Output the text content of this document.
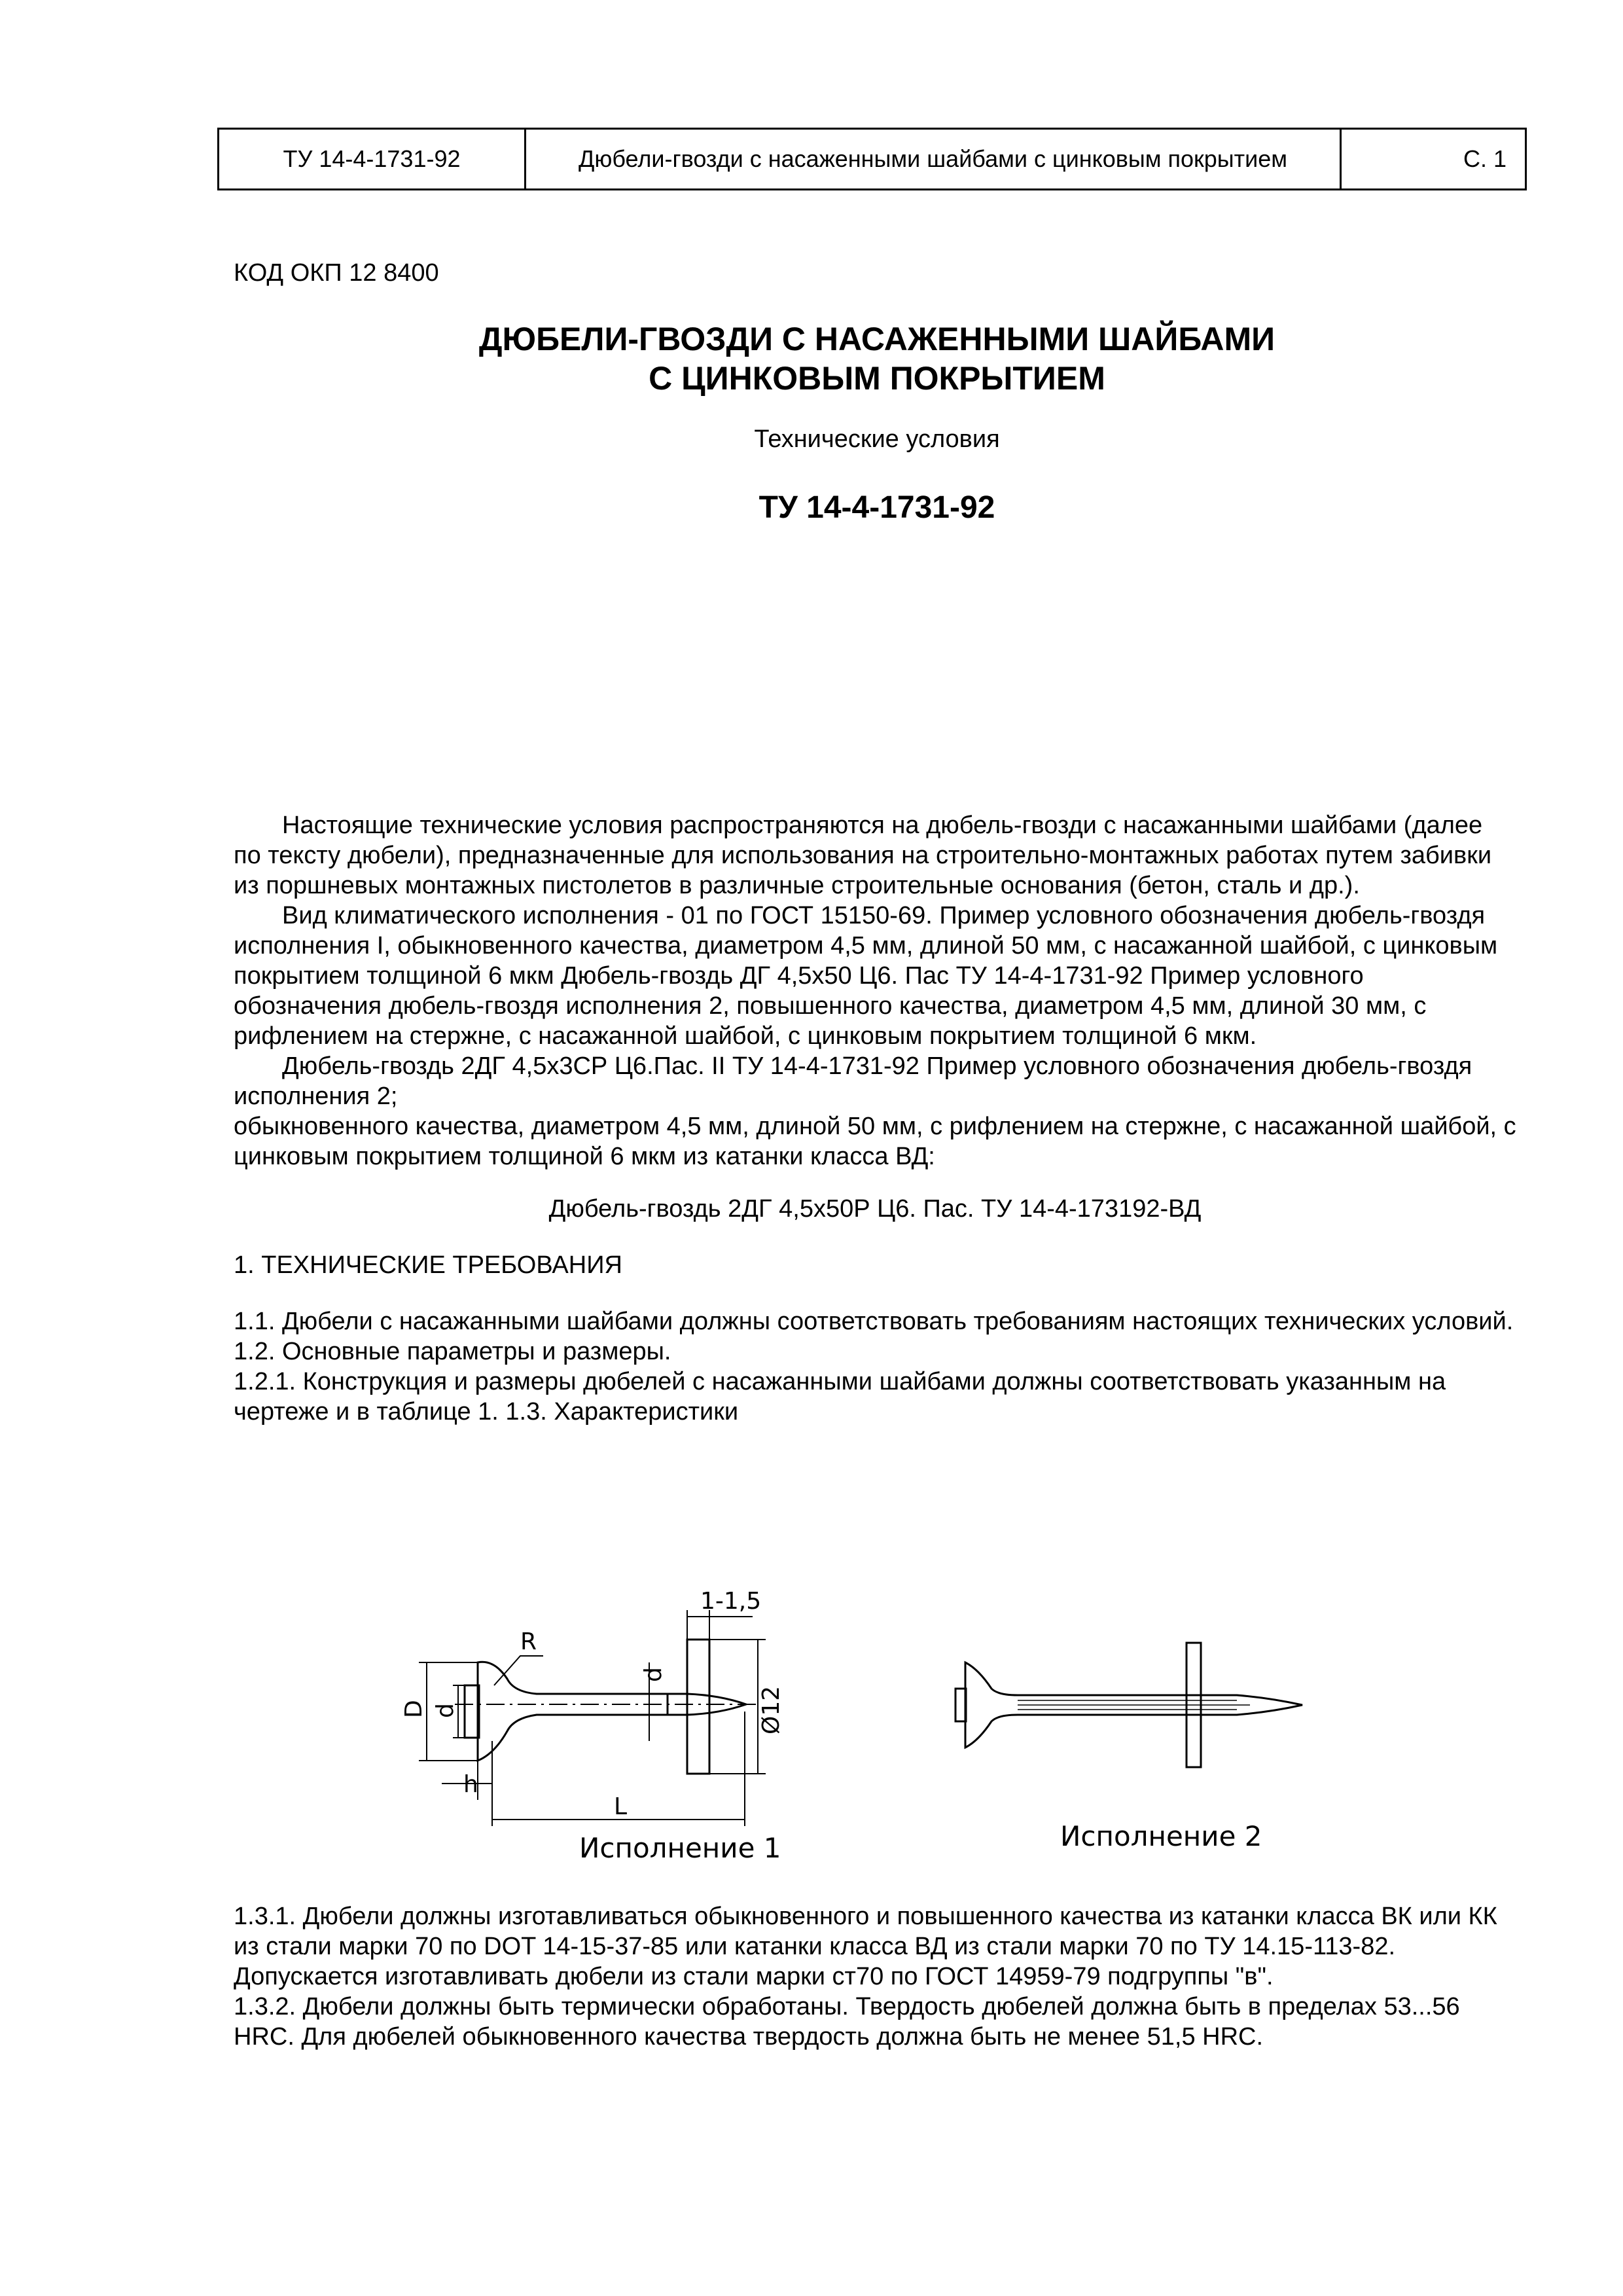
ТУ 14-4-1731-92	Дюбели-гвозди с насаженными шайбами с цинковым покрытием	С. 1
КОД ОКП 12 8400
ДЮБЕЛИ-ГВОЗДИ С НАСАЖЕННЫМИ ШАЙБАМИ
С ЦИНКОВЫМ ПОКРЫТИЕМ
Технические условия
ТУ 14-4-1731-92

Настоящие технические условия распространяются на дюбель-гвозди с насажанными шайбами (далее по тексту дюбели), предназначенные для использования на строительно-монтажных работах путем забивки из поршневых монтажных пистолетов в различные строительные основания (бетон, сталь и др.).

Вид климатического исполнения - 01 по ГОСТ 15150-69. Пример условного обозначения дюбель-гвоздя исполнения I, обыкновенного качества, диаметром 4,5 мм, длиной 50 мм, с насажанной шайбой, с цинковым покрытием толщиной 6 мкм Дюбель-гвоздь ДГ 4,5х50 Ц6. Пас ТУ 14-4-1731-92 Пример условного обозначения дюбель-гвоздя исполнения 2, повышенного качества, диаметром 4,5 мм, длиной 30 мм, с рифлением на стержне, с насажанной шайбой, с цинковым покрытием толщиной 6 мкм.

Дюбель-гвоздь 2ДГ 4,5х3СР Ц6.Пас. II ТУ 14-4-1731-92 Пример условного обозначения дюбель-гвоздя исполнения 2;

обыкновенного качества, диаметром 4,5 мм, длиной 50 мм, с рифлением на стержне, с насажанной шайбой, с цинковым покрытием толщиной 6 мкм из катанки класса ВД:

Дюбель-гвоздь 2ДГ 4,5х50Р Ц6. Пас. ТУ 14-4-173192-ВД

1. ТЕХНИЧЕСКИЕ ТРЕБОВАНИЯ

1.1. Дюбели с насажанными шайбами должны соответствовать требованиям настоящих технических условий.

1.2. Основные параметры и размеры.

1.2.1. Конструкция и размеры дюбелей с насажанными шайбами должны соответствовать указанным на чертеже и в таблице 1. 1.3. Характеристики

R
D d
d
h
L
1-1,5
Ø12
Исполнение 1	Исполнение 2

1.3.1. Дюбели должны изготавливаться обыкновенного и повышенного качества из катанки класса ВК или КК из стали марки 70 по DOT 14-15-37-85 или катанки класса ВД из стали марки 70 по ТУ 14.15-113-82. Допускается изготавливать дюбели из стали марки ст70 по ГОСТ 14959-79 подгруппы "в".

1.3.2. Дюбели должны быть термически обработаны. Твердость дюбелей должна быть в пределах 53...56 HRC. Для дюбелей обыкновенного качества твердость должна быть не менее 51,5 HRC.
